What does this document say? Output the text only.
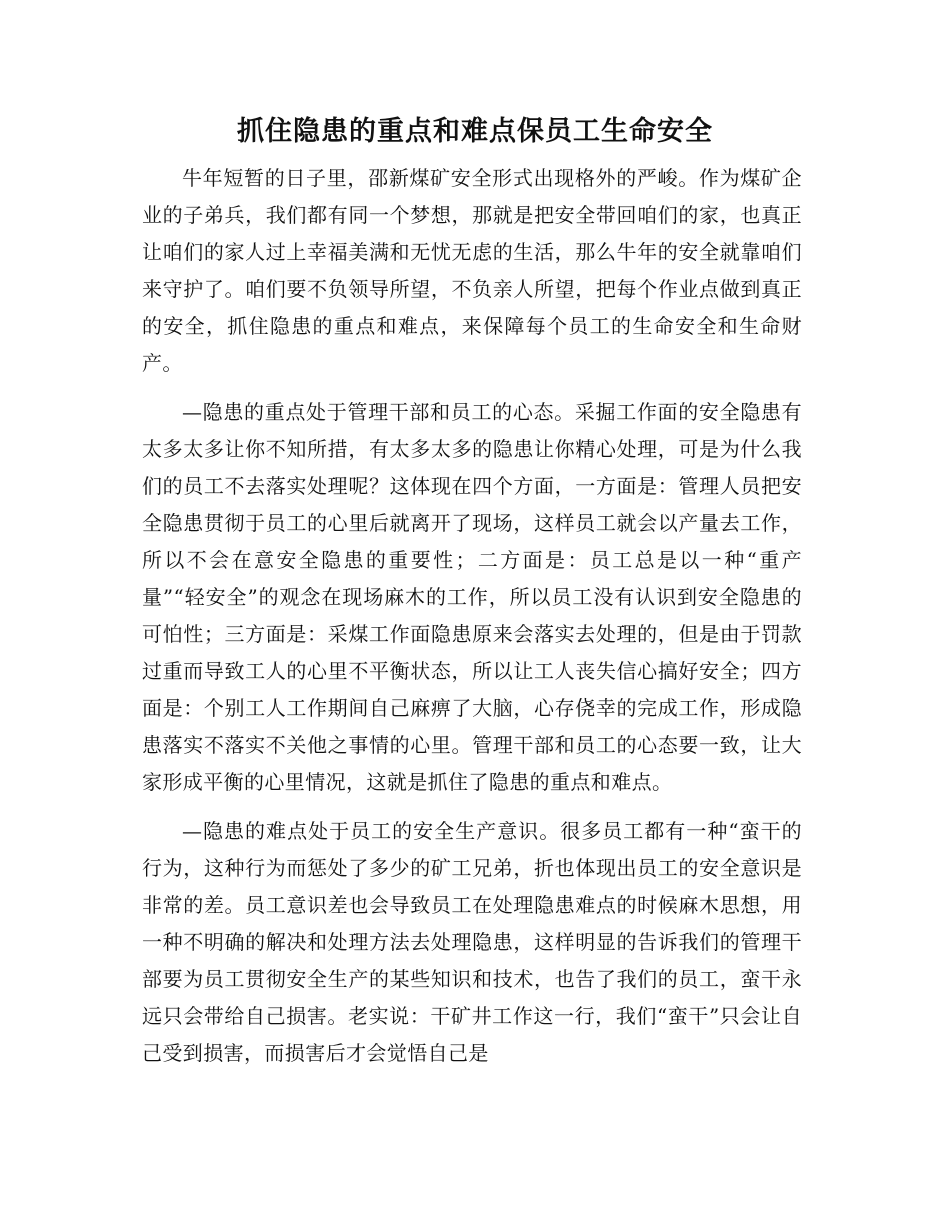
抓住隐患的重点和难点保员工生命安全

牛年短暂的日子里，邵新煤矿安全形式出现格外的严峻。作为煤矿企业的子弟兵，我们都有同一个梦想，那就是把安全带回咱们的家，也真正让咱们的家人过上幸福美满和无忧无虑的生活，那么牛年的安全就靠咱们来守护了。咱们要不负领导所望，不负亲人所望，把每个作业点做到真正的安全，抓住隐患的重点和难点，来保障每个员工的生命安全和生命财产。

—隐患的重点处于管理干部和员工的心态。采掘工作面的安全隐患有太多太多让你不知所措，有太多太多的隐患让你精心处理，可是为什么我们的员工不去落实处理呢？这体现在四个方面，一方面是：管理人员把安全隐患贯彻于员工的心里后就离开了现场，这样员工就会以产量去工作，所以不会在意安全隐患的重要性；二方面是：员工总是以一种“重产量”“轻安全”的观念在现场麻木的工作，所以员工没有认识到安全隐患的可怕性；三方面是：采煤工作面隐患原来会落实去处理的，但是由于罚款过重而导致工人的心里不平衡状态，所以让工人丧失信心搞好安全；四方面是：个别工人工作期间自己麻痹了大脑，心存侥幸的完成工作，形成隐患落实不落实不关他之事情的心里。管理干部和员工的心态要一致，让大家形成平衡的心里情况，这就是抓住了隐患的重点和难点。

—隐患的难点处于员工的安全生产意识。很多员工都有一种“蛮干的行为，这种行为而惩处了多少的矿工兄弟，折也体现出员工的安全意识是非常的差。员工意识差也会导致员工在处理隐患难点的时候麻木思想，用一种不明确的解决和处理方法去处理隐患，这样明显的告诉我们的管理干部要为员工贯彻安全生产的某些知识和技术，也告了我们的员工，蛮干永远只会带给自己损害。老实说：干矿井工作这一行，我们“蛮干”只会让自己受到损害，而损害后才会觉悟自己是
